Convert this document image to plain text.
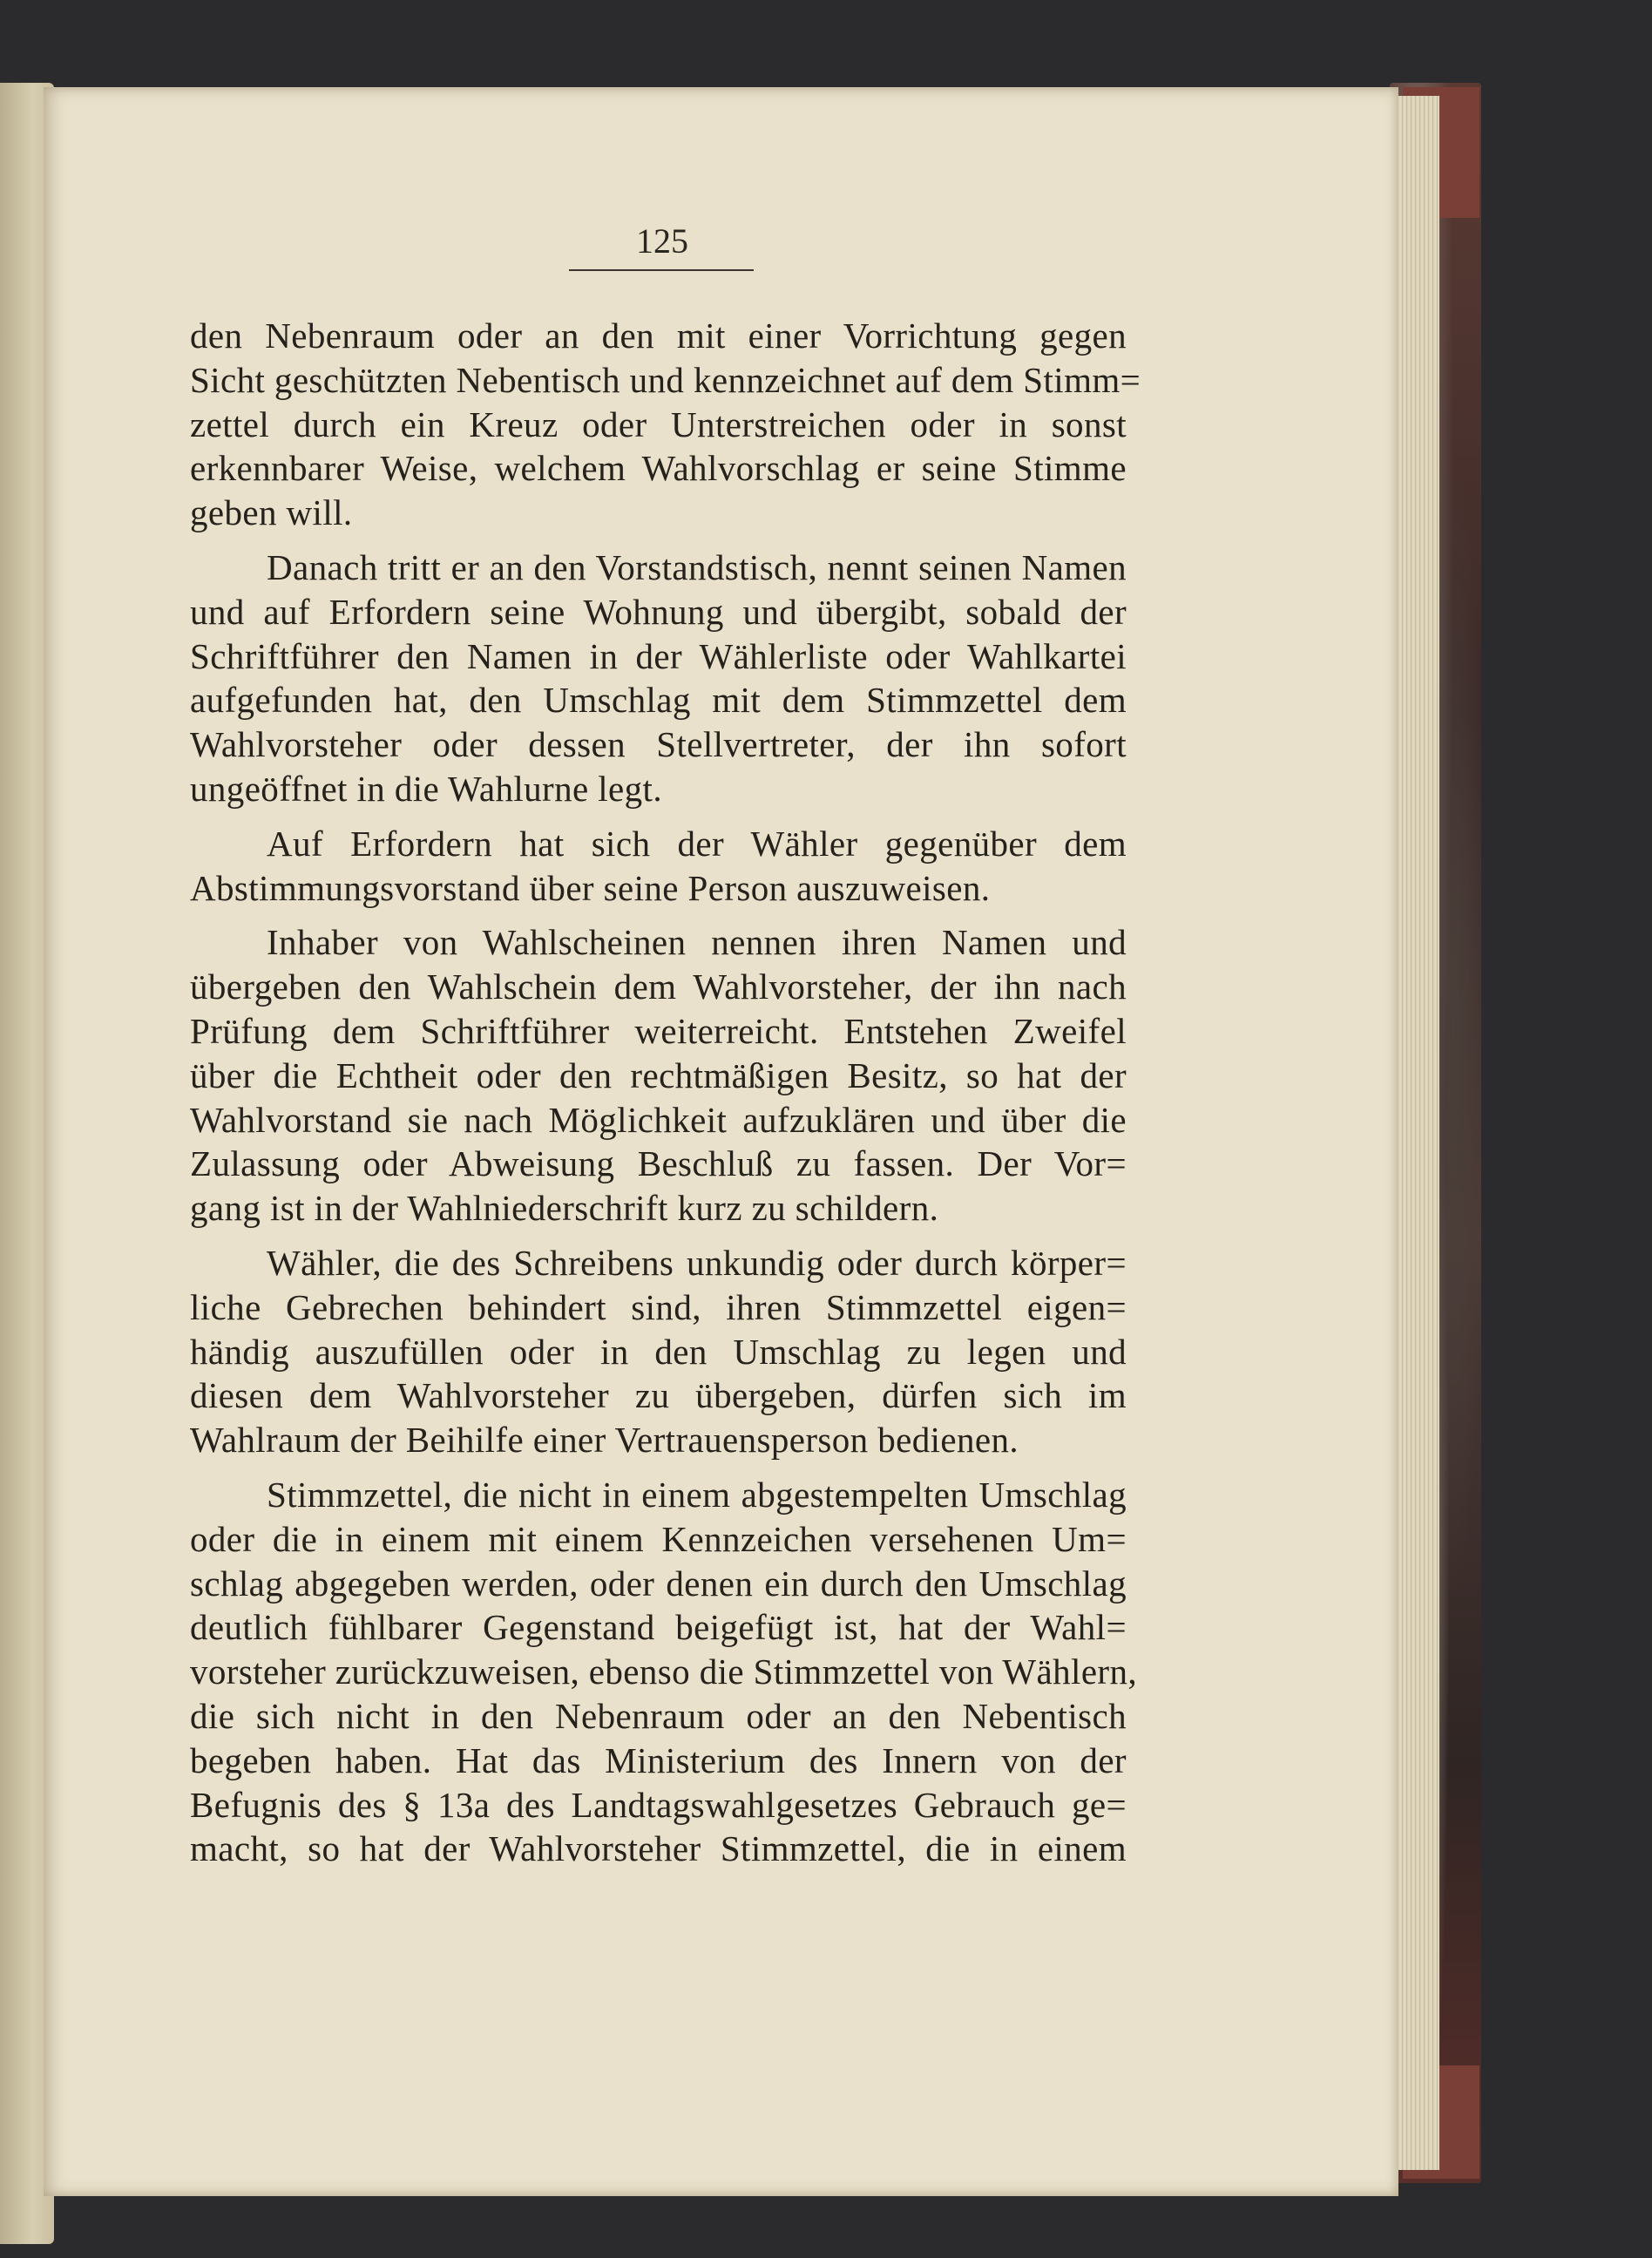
125
den Nebenraum oder an den mit einer Vorrichtung gegen
Sicht geschützten Nebentisch und kennzeichnet auf dem Stimm=
zettel durch ein Kreuz oder Unterstreichen oder in sonst
erkennbarer Weise, welchem Wahlvorschlag er seine Stimme
geben will.
Danach tritt er an den Vorstandstisch, nennt seinen Namen
und auf Erfordern seine Wohnung und übergibt, sobald der
Schriftführer den Namen in der Wählerliste oder Wahlkartei
aufgefunden hat, den Umschlag mit dem Stimmzettel dem
Wahlvorsteher oder dessen Stellvertreter, der ihn sofort
ungeöffnet in die Wahlurne legt.
Auf Erfordern hat sich der Wähler gegenüber dem
Abstimmungsvorstand über seine Person auszuweisen.
Inhaber von Wahlscheinen nennen ihren Namen und
übergeben den Wahlschein dem Wahlvorsteher, der ihn nach
Prüfung dem Schriftführer weiterreicht. Entstehen Zweifel
über die Echtheit oder den rechtmäßigen Besitz, so hat der
Wahlvorstand sie nach Möglichkeit aufzuklären und über die
Zulassung oder Abweisung Beschluß zu fassen. Der Vor=
gang ist in der Wahlniederschrift kurz zu schildern.
Wähler, die des Schreibens unkundig oder durch körper=
liche Gebrechen behindert sind, ihren Stimmzettel eigen=
händig auszufüllen oder in den Umschlag zu legen und
diesen dem Wahlvorsteher zu übergeben, dürfen sich im
Wahlraum der Beihilfe einer Vertrauensperson bedienen.
Stimmzettel, die nicht in einem abgestempelten Umschlag
oder die in einem mit einem Kennzeichen versehenen Um=
schlag abgegeben werden, oder denen ein durch den Umschlag
deutlich fühlbarer Gegenstand beigefügt ist, hat der Wahl=
vorsteher zurückzuweisen, ebenso die Stimmzettel von Wählern,
die sich nicht in den Nebenraum oder an den Nebentisch
begeben haben. Hat das Ministerium des Innern von der
Befugnis des § 13a des Landtagswahlgesetzes Gebrauch ge=
macht, so hat der Wahlvorsteher Stimmzettel, die in einem
